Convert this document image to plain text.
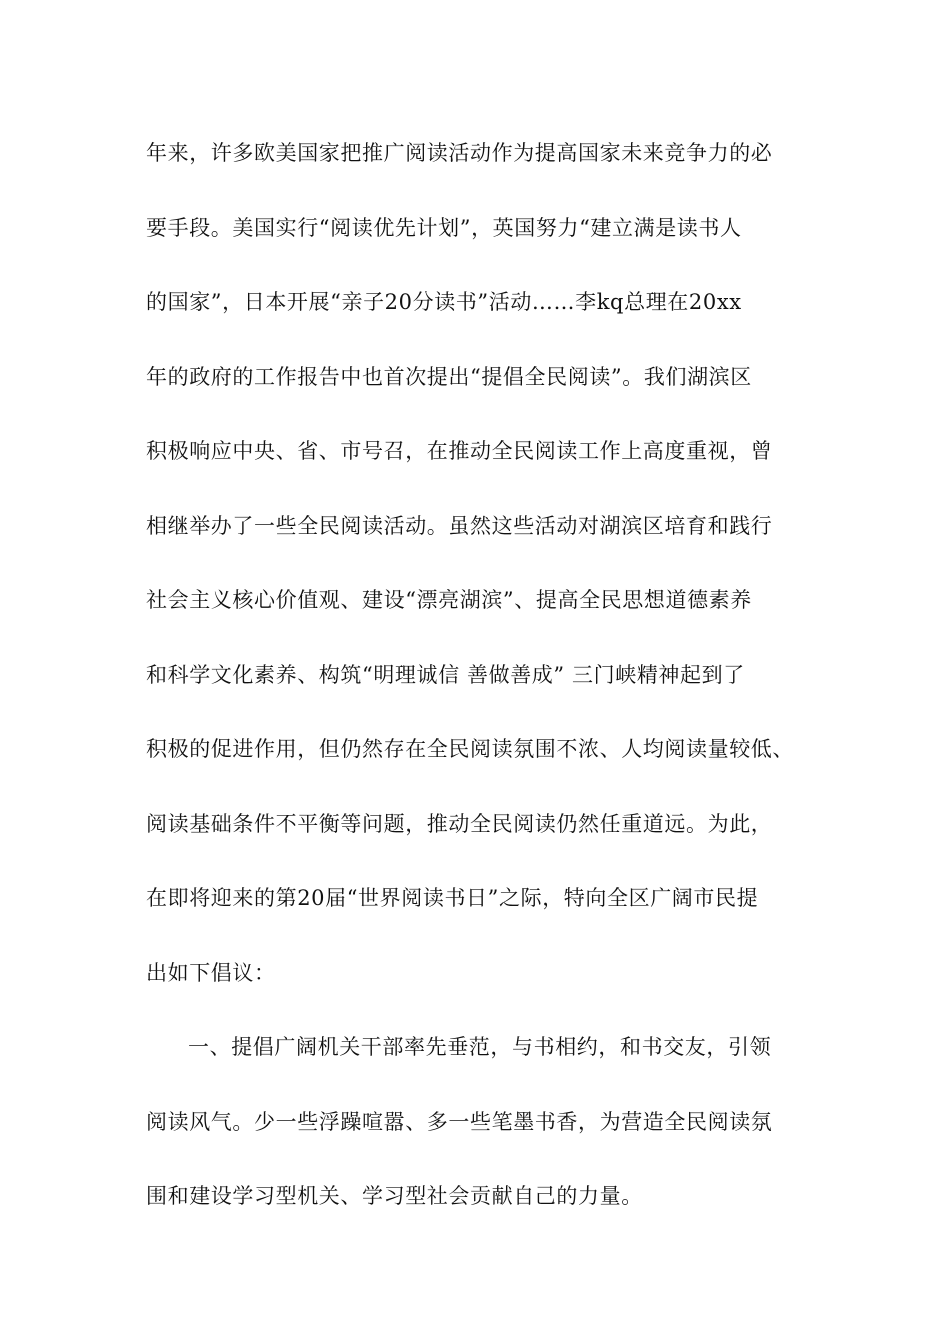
年来，许多欧美国家把推广阅读活动作为提高国家未来竞争力的必
要手段。美国实行“阅读优先计划”，英国努力“建立满是读书人
的国家”，日本开展“亲子20分读书”活动……李kq总理在20xx
年的政府的工作报告中也首次提出“提倡全民阅读”。我们湖滨区
积极响应中央、省、市号召，在推动全民阅读工作上高度重视，曾
相继举办了一些全民阅读活动。虽然这些活动对湖滨区培育和践行
社会主义核心价值观、建设“漂亮湖滨”、提高全民思想道德素养
和科学文化素养、构筑“明理诚信 善做善成” 三门峡精神起到了
积极的促进作用，但仍然存在全民阅读氛围不浓、人均阅读量较低、
阅读基础条件不平衡等问题，推动全民阅读仍然任重道远。为此，
在即将迎来的第20届“世界阅读书日”之际，特向全区广阔市民提
出如下倡议：
一、提倡广阔机关干部率先垂范，与书相约，和书交友，引领
阅读风气。少一些浮躁喧嚣、多一些笔墨书香，为营造全民阅读氛
围和建设学习型机关、学习型社会贡献自己的力量。
